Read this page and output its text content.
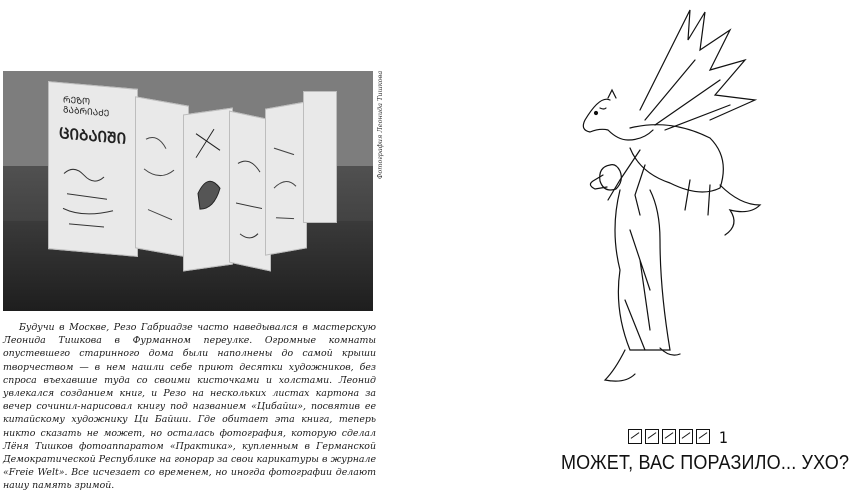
ᲠᲔᲖᲝ ᲒᲐᲑᲠᲘᲐᲫᲔ
ᲪᲘᲑᲐᲘᲨᲘ	Фотография Леонида Тишкова

Будучи в Москве, Резо Габриадзе часто наведывался в мастерскую Леонида Тишкова в Фурманном переулке. Огромные комнаты опустевшего старинного дома были наполнены до самой крыши творчеством — в нем нашли себе приют десятки художников, без спроса въехавшие туда со своими кисточками и холстами. Леонид увлекался созданием книг, и Резо на нескольких листах картона за вечер сочинил-нарисовал книгу под названием «Цибайш», посвятив ее китайскому художнику Ци Байши. Где обитает эта книга, теперь никто сказать не может, но осталась фотография, которую сделал Лёня Тишков фотоаппаратом «Практика», купленным в Германской Демократической Республике на гонорар за свои карикатуры в журнале «Freie Welt». Все исчезает со временем, но иногда фотографии делают нашу память зримой.

1
МОЖЕТ, ВАС ПОРАЗИЛО... УХО?
